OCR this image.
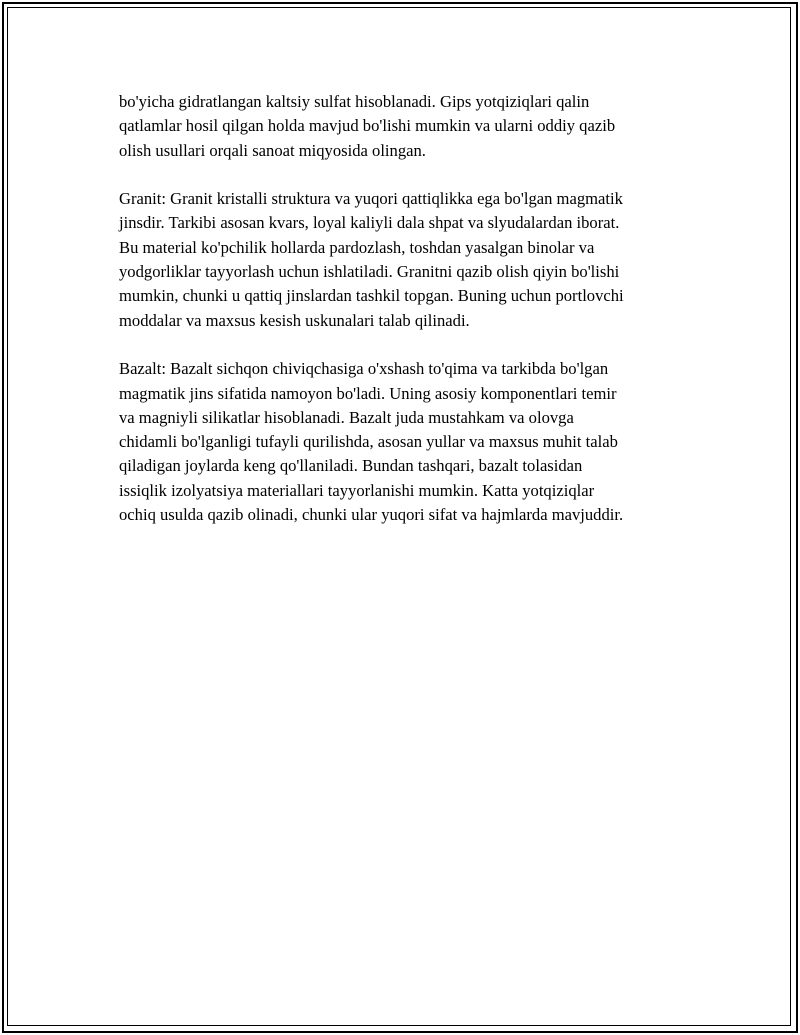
bo'yicha gidratlangan kaltsiy sulfat hisoblanadi. Gips yotqiziqlari qalin
qatlamlar hosil qilgan holda mavjud bo'lishi mumkin va ularni oddiy qazib
olish usullari orqali sanoat miqyosida olingan.

Granit: Granit kristalli struktura va yuqori qattiqlikka ega bo'lgan magmatik
jinsdir. Tarkibi asosan kvars, loyal kaliyli dala shpat va slyudalardan iborat.
Bu material ko'pchilik hollarda pardozlash, toshdan yasalgan binolar va
yodgorliklar tayyorlash uchun ishlatiladi. Granitni qazib olish qiyin bo'lishi
mumkin, chunki u qattiq jinslardan tashkil topgan. Buning uchun portlovchi
moddalar va maxsus kesish uskunalari talab qilinadi.

Bazalt: Bazalt sichqon chiviqchasiga o'xshash to'qima va tarkibda bo'lgan
magmatik jins sifatida namoyon bo'ladi. Uning asosiy komponentlari temir
va magniyli silikatlar hisoblanadi. Bazalt juda mustahkam va olovga
chidamli bo'lganligi tufayli qurilishda, asosan yullar va maxsus muhit talab
qiladigan joylarda keng qo'llaniladi. Bundan tashqari, bazalt tolasidan
issiqlik izolyatsiya materiallari tayyorlanishi mumkin. Katta yotqiziqlar
ochiq usulda qazib olinadi, chunki ular yuqori sifat va hajmlarda mavjuddir.
